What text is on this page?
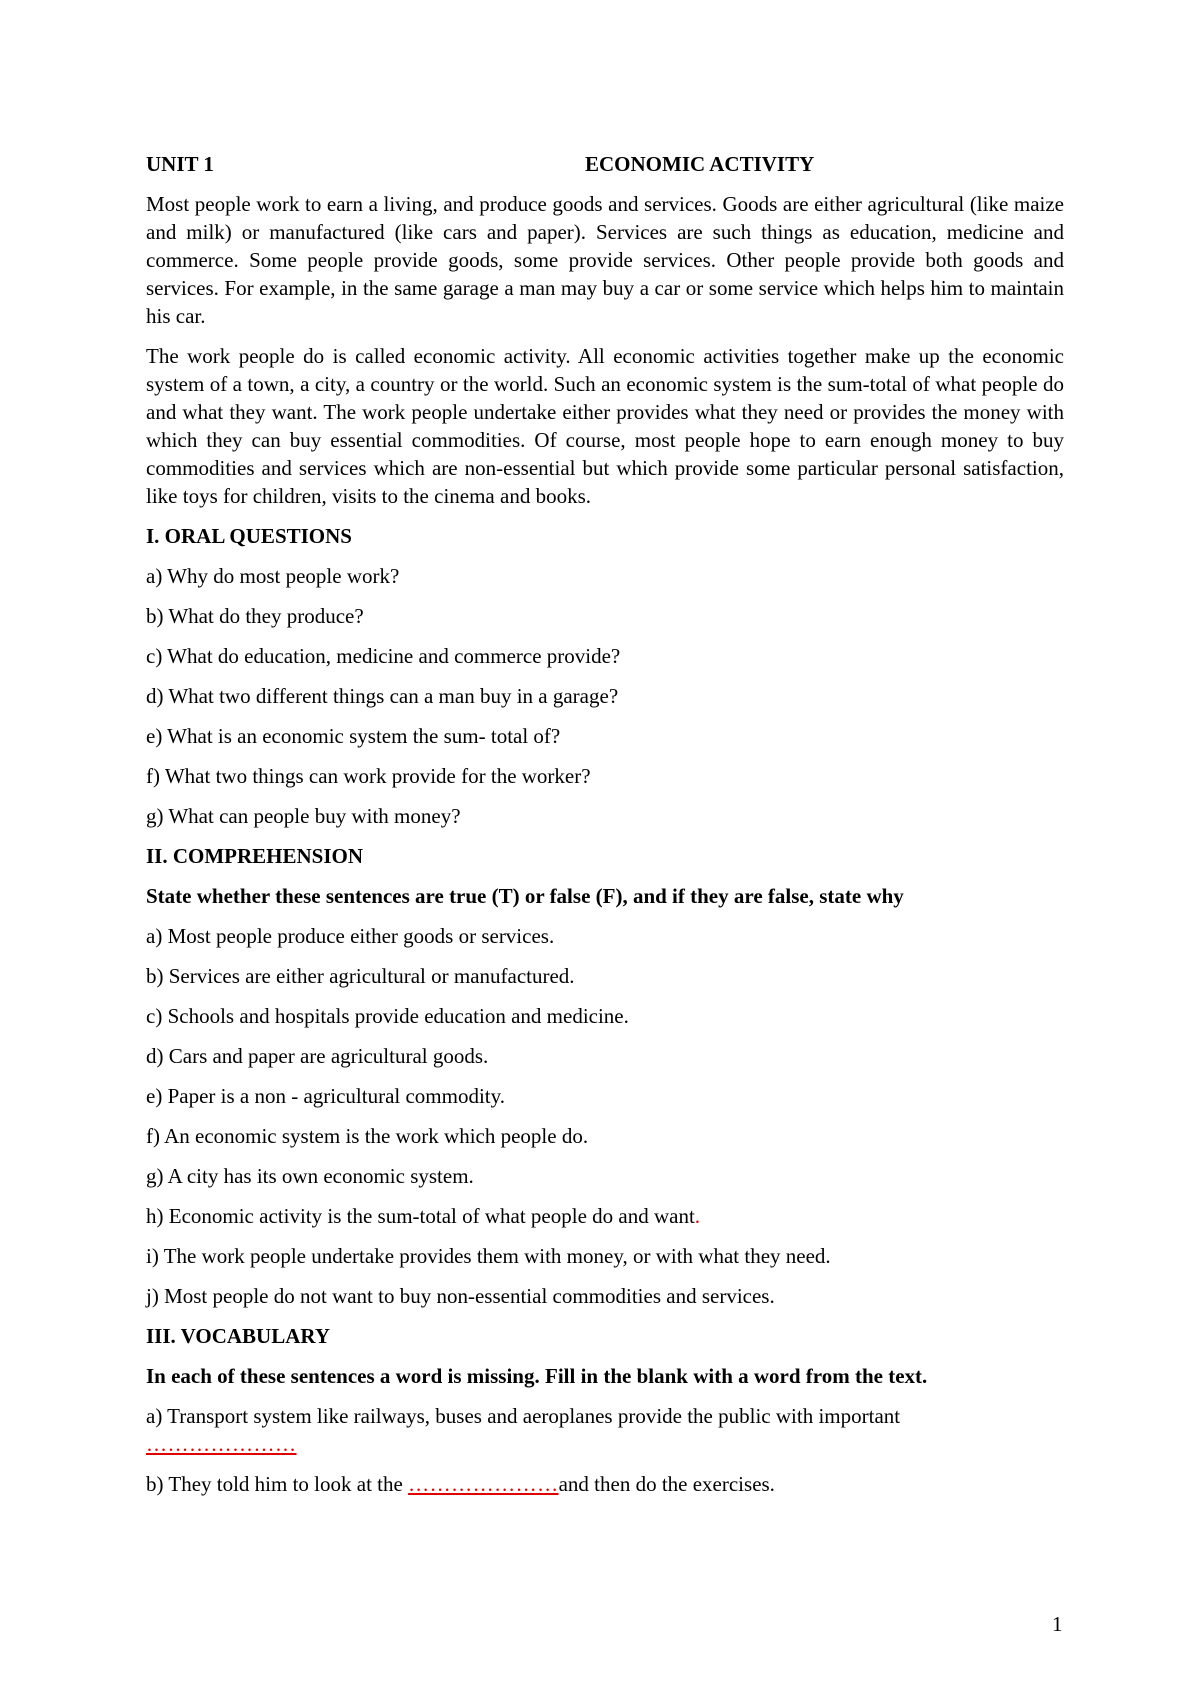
UNIT 1	ECONOMIC ACTIVITY

Most people work to earn a living, and produce goods and services. Goods are either agricultural (like maize and milk) or manufactured (like cars and paper). Services are such things as education, medicine and commerce. Some people provide goods, some provide services. Other people provide both goods and services. For example, in the same garage a man may buy a car or some service which helps him to maintain his car.

The work people do is called economic activity. All economic activities together make up the economic system of a town, a city, a country or the world. Such an economic system is the sum-total of what people do and what they want. The work people undertake either provides what they need or provides the money with which they can buy essential commodities. Of course, most people hope to earn enough money to buy commodities and services which are non-essential but which provide some particular personal satisfaction, like toys for children, visits to the cinema and books.

I. ORAL QUESTIONS
a) Why do most people work?
b) What do they produce?
c) What do education, medicine and commerce provide?
d) What two different things can a man buy in a garage?
e) What is an economic system the sum- total of?
f) What two things can work provide for the worker?
g) What can people buy with money?
II. COMPREHENSION
State whether these sentences are true (T) or false (F), and if they are false, state why
a) Most people produce either goods or services.
b) Services are either agricultural or manufactured.
c) Schools and hospitals provide education and medicine.
d) Cars and paper are agricultural goods.
e) Paper is a non - agricultural commodity.
f) An economic system is the work which people do.
g) A city has its own economic system.
h) Economic activity is the sum-total of what people do and want.
i) The work people undertake provides them with money, or with what they need.
j) Most people do not want to buy non-essential commodities and services.
III. VOCABULARY
In each of these sentences a word is missing. Fill in the blank with a word from the text.
a) Transport system like railways, buses and aeroplanes provide the public with important
…………………
b) They told him to look at the …………………and then do the exercises.
1
